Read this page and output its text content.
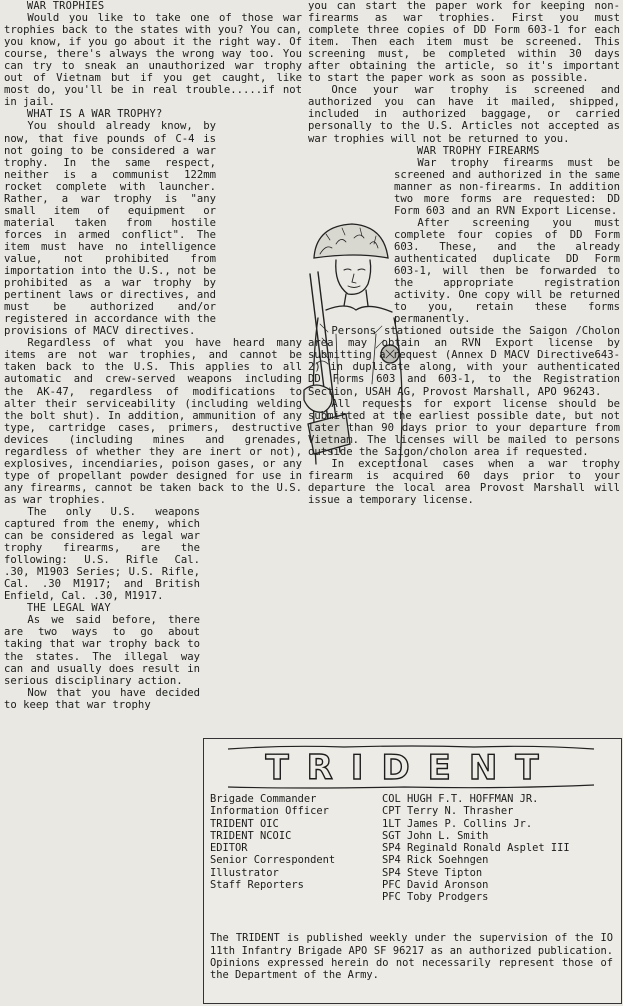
WAR TROPHIES

Would you like to take one of those war trophies back to the states with you? You can, you know, if you go about it the right way. Of course, there's always the wrong way too. You can try to sneak an unauthorized war trophy out of Vietnam but if you get caught, like most do, you'll be in real trouble.....if not in jail.

WHAT IS A WAR TROPHY?

You should already know, by now, that five pounds of C-4 is not going to be considered a war trophy. In the same respect, neither is a communist 122mm rocket complete with launcher. Rather, a war trophy is "any small item of equipment or material taken from hostile forces in armed conflict". The item must have no intelligence value, not prohibited from importation into the U.S., not be prohibited as a war trophy by pertinent laws or directives, and must be authorized and/or registered in accordance with the provisions of MACV directives.

Regardless of what you have heard many items are not war trophies, and cannot be taken back to the U.S. This applies to all automatic and crew-served weapons including the AK-47, regardless of modifications to alter their serviceability (including welding the bolt shut). In addition, ammunition of any type, cartridge cases, primers, destructive devices (including mines and grenades, regardless of whether they are inert or not), explosives, incendiaries, poison gases, or any type of propellant powder designed for use in any firearms, cannot be taken back to the U.S. as war trophies.

The only U.S. weapons captured from the enemy, which can be considered as legal war trophy firearms, are the following: U.S. Rifle Cal. .30, M1903 Series; U.S. Rifle, Cal. .30 M1917; and British Enfield, Cal. .30, M1917.

THE LEGAL WAY

As we said before, there are two ways to go about taking that war trophy back to the states. The illegal way can and usually does result in serious disciplinary action.

Now that you have decided to keep that war trophy

you can start the paper work for keeping non-firearms as war trophies. First you must complete three copies of DD Form 603-1 for each item. Then each item must be screened. This screening must, be completed within 30 days after obtaining the article, so it's important to start the paper work as soon as possible.

Once your war trophy is screened and authorized you can have it mailed, shipped, included in authorized baggage, or carried personally to the U.S. Articles not accepted as war trophies will not be returned to you.

WAR TROPHY FIREARMS

War trophy firearms must be screened and authorized in the same manner as non-firearms. In addition two more forms are requested: DD Form 603 and an RVN Export License.

After screening you must complete four copies of DD Form 603. These, and the already authenticated duplicate DD Form 603-1, will then be forwarded to the appropriate registration activity. One copy will be returned to you, retain these forms permanently.

Persons stationed outside the Saigon /Cholon area may obtain an RVN Export license by submitting a request (Annex D MACV Directive643-2) in duplicate along, with your authenticated DD Forms 603 and 603-1, to the Registration Section, USAH AG, Provost Marshall, APO 96243.

All requests for export license should be submitted at the earliest possible date, but not later than 90 days prior to your departure from Vietnam. The licenses will be mailed to persons outside the Saigon/cholon area if requested.

In exceptional cases when a war trophy firearm is acquired 60 days prior to your departure the local area Provost Marshall will issue a temporary license.

TRIDENT
Brigade Commander	COL HUGH F.T. HOFFMAN JR.
Information Officer	CPT Terry N. Thrasher
TRIDENT OIC	1LT James P. Collins Jr.
TRIDENT NCOIC	SGT John L. Smith
EDITOR	SP4 Reginald Ronald Asplet III
Senior Correspondent	SP4 Rick Soehngen
Illustrator	SP4 Steve Tipton
Staff Reporters	PFC David Aronson
PFC Toby Prodgers

The TRIDENT is published weekly under the supervision of the IO 11th Infantry Brigade APO SF 96217 as an authorized publication. Opinions expressed herein do not necessarily represent those of the Department of the Army.
